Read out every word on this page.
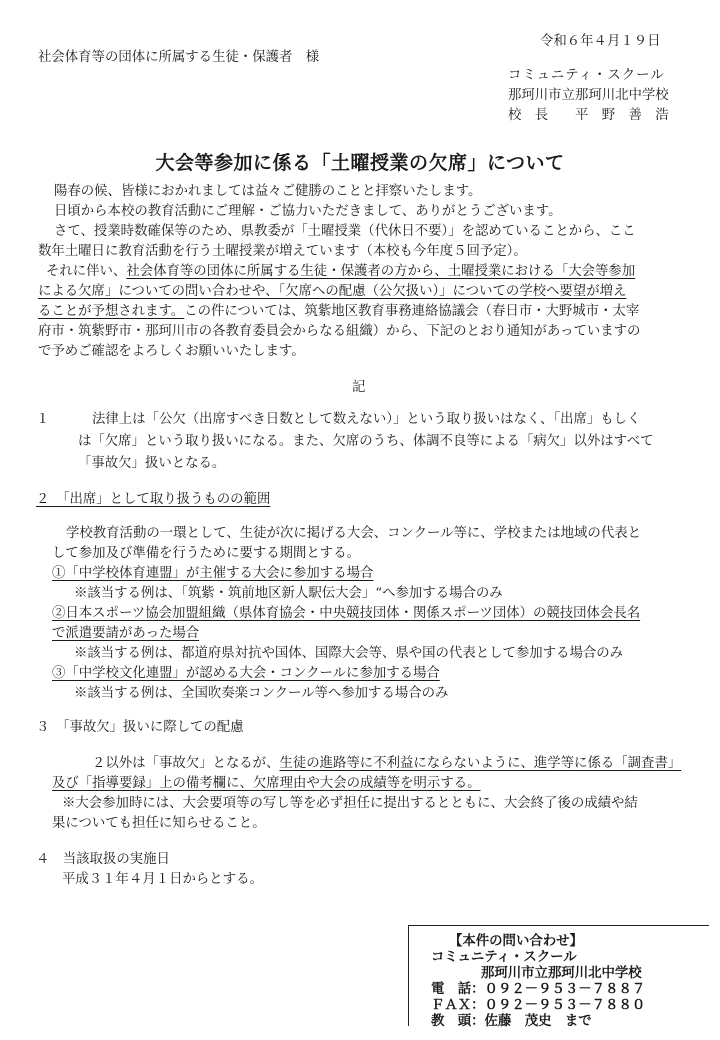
令和６年４月１９日
社会体育等の団体に所属する生徒・保護者　様
コミュニティ・スクール
那珂川市立那珂川北中学校
校　長　　平　野　善　浩
大会等参加に係る「土曜授業の欠席」について
陽春の候、皆様におかれましては益々ご健勝のことと拝察いたします。
日頃から本校の教育活動にご理解・ご協力いただきまして、ありがとうございます。
さて、授業時数確保等のため、県教委が「土曜授業（代休日不要）」を認めていることから、ここ
数年土曜日に教育活動を行う土曜授業が増えています（本校も今年度５回予定）。
それに伴い、社会体育等の団体に所属する生徒・保護者の方から、土曜授業における「大会等参加
による欠席」についての問い合わせや、「欠席への配慮（公欠扱い）」についての学校へ要望が増え
ることが予想されます。この件については、筑紫地区教育事務連絡協議会（春日市・大野城市・太宰
府市・筑紫野市・那珂川市の各教育委員会からなる組織）から、下記のとおり通知があっていますの
で予めご確認をよろしくお願いいたします。
記
１	法律上は「公欠（出席すべき日数として数えない）」という取り扱いはなく、「出席」もしく
は「欠席」という取り扱いになる。また、欠席のうち、体調不良等による「病欠」以外はすべて
「事故欠」扱いとなる。
２　「出席」として取り扱うものの範囲
学校教育活動の一環として、生徒が次に掲げる大会、コンクール等に、学校または地域の代表と
して参加及び準備を行うために要する期間とする。
①「中学校体育連盟」が主催する大会に参加する場合
※該当する例は、「筑紫・筑前地区新人駅伝大会」“へ参加する場合のみ
②日本スポーツ協会加盟組織（県体育協会・中央競技団体・関係スポーツ団体）の競技団体会長名
で派遣要請があった場合
※該当する例は、都道府県対抗や国体、国際大会等、県や国の代表として参加する場合のみ
③「中学校文化連盟」が認める大会・コンクールに参加する場合
※該当する例は、全国吹奏楽コンクール等へ参加する場合のみ
３　「事故欠」扱いに際しての配慮
２以外は「事故欠」となるが、生徒の進路等に不利益にならないように、進学等に係る「調査書」
及び「指導要録」上の備考欄に、欠席理由や大会の成績等を明示する。
※大会参加時には、大会要項等の写し等を必ず担任に提出するとともに、大会終了後の成績や結
果についても担任に知らせること。
４　当該取扱の実施日
平成３１年４月１日からとする。
【本件の問い合わせ】
コミュニティ・スクール
那珂川市立那珂川北中学校
電　話：０９２－９５３－７８８７
ＦＡＸ：０９２－９５３－７８８０
教　頭：佐藤　茂史　まで
